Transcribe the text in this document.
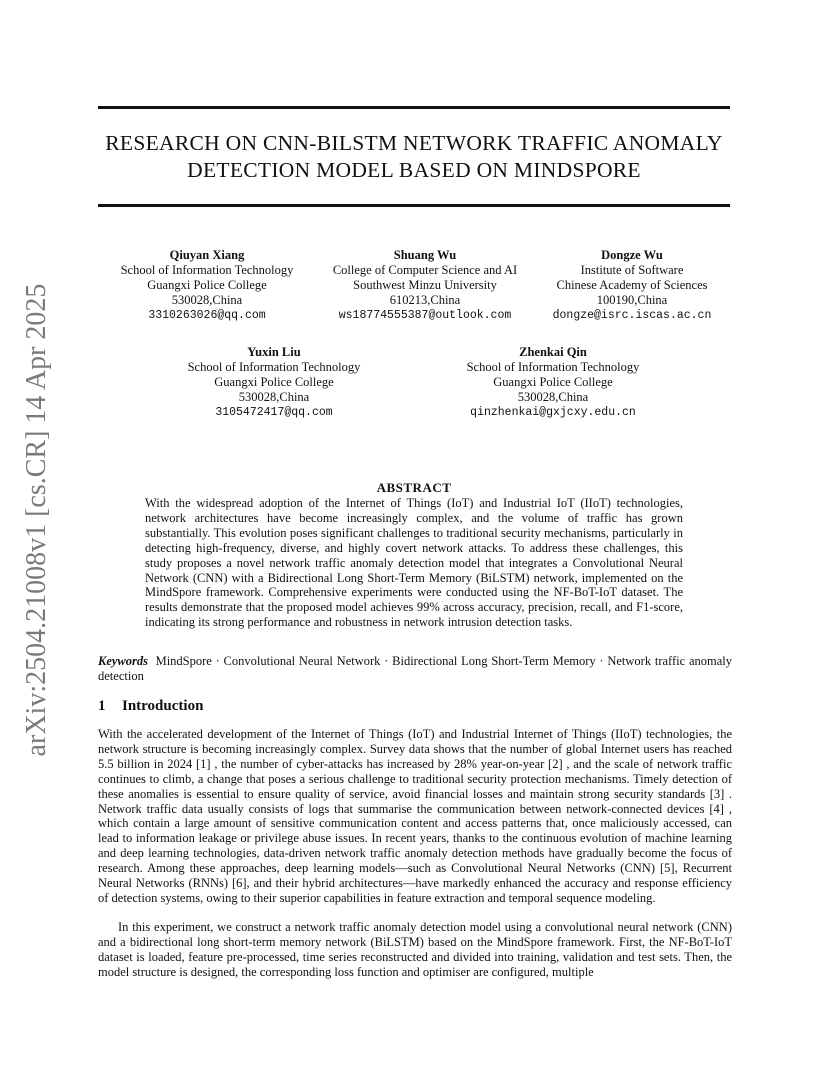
arXiv:2504.21008v1 [cs.CR] 14 Apr 2025
RESEARCH ON CNN-BILSTM NETWORK TRAFFIC ANOMALY
DETECTION MODEL BASED ON MINDSPORE
Qiuyan Xiang
School of Information Technology
Guangxi Police College
530028,China
3310263026@qq.com
Shuang Wu
College of Computer Science and AI
Southwest Minzu University
610213,China
ws18774555387@outlook.com
Dongze Wu
Institute of Software
Chinese Academy of Sciences
100190,China
dongze@isrc.iscas.ac.cn
Yuxin Liu
School of Information Technology
Guangxi Police College
530028,China
3105472417@qq.com
Zhenkai Qin
School of Information Technology
Guangxi Police College
530028,China
qinzhenkai@gxjcxy.edu.cn
ABSTRACT
With the widespread adoption of the Internet of Things (IoT) and Industrial IoT (IIoT) technologies, network architectures have become increasingly complex, and the volume of traffic has grown substantially. This evolution poses significant challenges to traditional security mechanisms, particularly in detecting high-frequency, diverse, and highly covert network attacks. To address these challenges, this study proposes a novel network traffic anomaly detection model that integrates a Convolutional Neural Network (CNN) with a Bidirectional Long Short-Term Memory (BiLSTM) network, implemented on the MindSpore framework. Comprehensive experiments were conducted using the NF-BoT-IoT dataset. The results demonstrate that the proposed model achieves 99% across accuracy, precision, recall, and F1-score, indicating its strong performance and robustness in network intrusion detection tasks.
Keywords MindSpore · Convolutional Neural Network · Bidirectional Long Short-Term Memory · Network traffic anomaly detection
1 Introduction
With the accelerated development of the Internet of Things (IoT) and Industrial Internet of Things (IIoT) technologies, the network structure is becoming increasingly complex. Survey data shows that the number of global Internet users has reached 5.5 billion in 2024 [1] , the number of cyber-attacks has increased by 28% year-on-year [2] , and the scale of network traffic continues to climb, a change that poses a serious challenge to traditional security protection mechanisms. Timely detection of these anomalies is essential to ensure quality of service, avoid financial losses and maintain strong security standards [3] . Network traffic data usually consists of logs that summarise the communication between network-connected devices [4] , which contain a large amount of sensitive communication content and access patterns that, once maliciously accessed, can lead to information leakage or privilege abuse issues. In recent years, thanks to the continuous evolution of machine learning and deep learning technologies, data-driven network traffic anomaly detection methods have gradually become the focus of research. Among these approaches, deep learning models—such as Convolutional Neural Networks (CNN) [5], Recurrent Neural Networks (RNNs) [6], and their hybrid architectures—have markedly enhanced the accuracy and response efficiency of detection systems, owing to their superior capabilities in feature extraction and temporal sequence modeling.
In this experiment, we construct a network traffic anomaly detection model using a convolutional neural network (CNN) and a bidirectional long short-term memory network (BiLSTM) based on the MindSpore framework. First, the NF-BoT-IoT dataset is loaded, feature pre-processed, time series reconstructed and divided into training, validation and test sets. Then, the model structure is designed, the corresponding loss function and optimiser are configured, multiple
